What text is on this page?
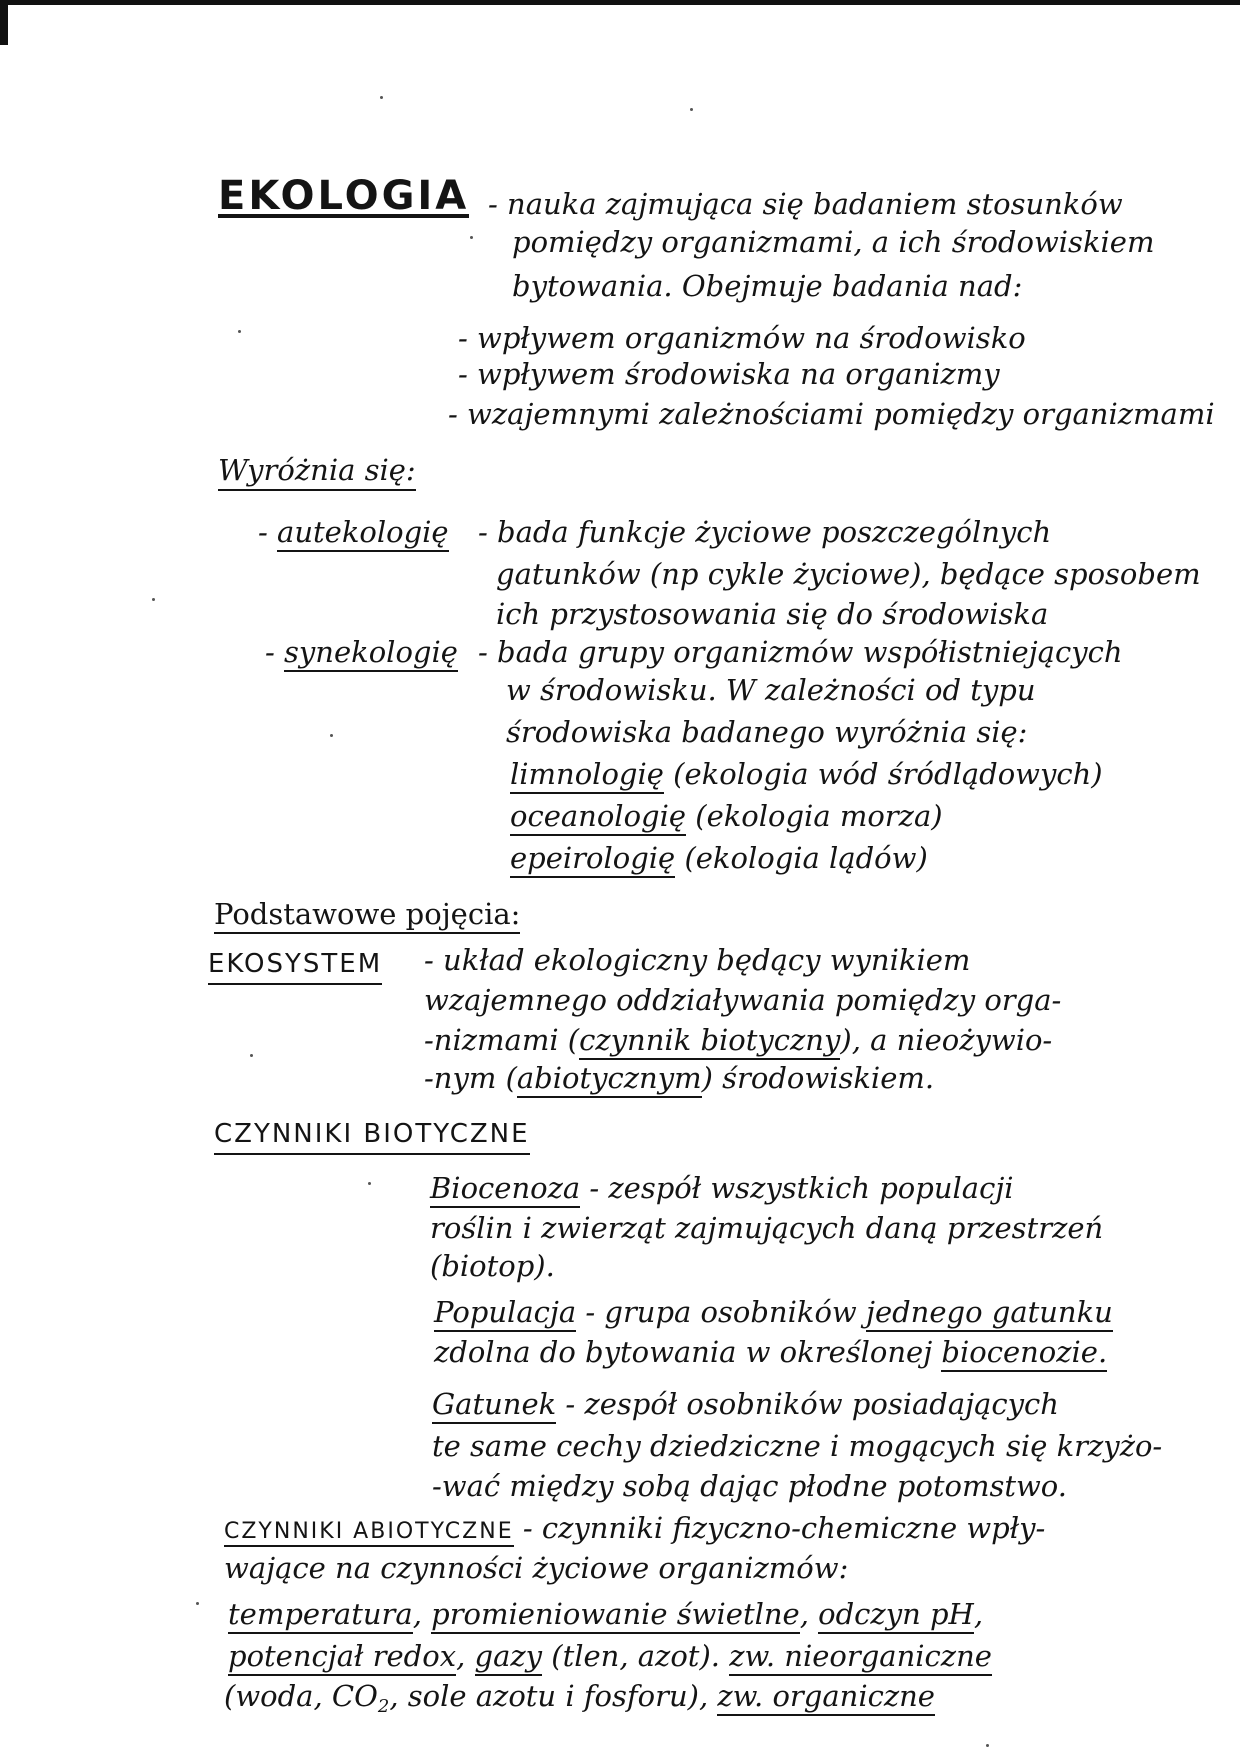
EKOLOGIA - nauka zajmująca się badaniem stosunków
pomiędzy organizmami, a ich środowiskiem
bytowania. Obejmuje badania nad:
- wpływem organizmów na środowisko
- wpływem środowiska na organizmy
- wzajemnymi zależnościami pomiędzy organizmami
Wyróżnia się:
- autekologię - bada funkcje życiowe poszczególnych
gatunków (np cykle życiowe), będące sposobem
ich przystosowania się do środowiska
- synekologię - bada grupy organizmów współistniejących
w środowisku. W zależności od typu
środowiska badanego wyróżnia się:
limnologię (ekologia wód śródlądowych)
oceanologię (ekologia morza)
epeirologię (ekologia lądów)
Podstawowe pojęcia:
EKOSYSTEM - układ ekologiczny będący wynikiem
wzajemnego oddziaływania pomiędzy orga-
-nizmami (czynnik biotyczny), a nieożywio-
-nym (abiotycznym) środowiskiem.
CZYNNIKI BIOTYCZNE
Biocenoza - zespół wszystkich populacji
roślin i zwierząt zajmujących daną przestrzeń
(biotop).
Populacja - grupa osobników jednego gatunku
zdolna do bytowania w określonej biocenozie.
Gatunek - zespół osobników posiadających
te same cechy dziedziczne i mogących się krzyżo-
-wać między sobą dając płodne potomstwo.
CZYNNIKI ABIOTYCZNE - czynniki fizyczno-chemiczne wpły-
wające na czynności życiowe organizmów:
temperatura, promieniowanie świetlne, odczyn pH,
potencjał redox, gazy (tlen, azot). zw. nieorganiczne
(woda, $CO_2$, sole azotu i fosforu), zw. organiczne
